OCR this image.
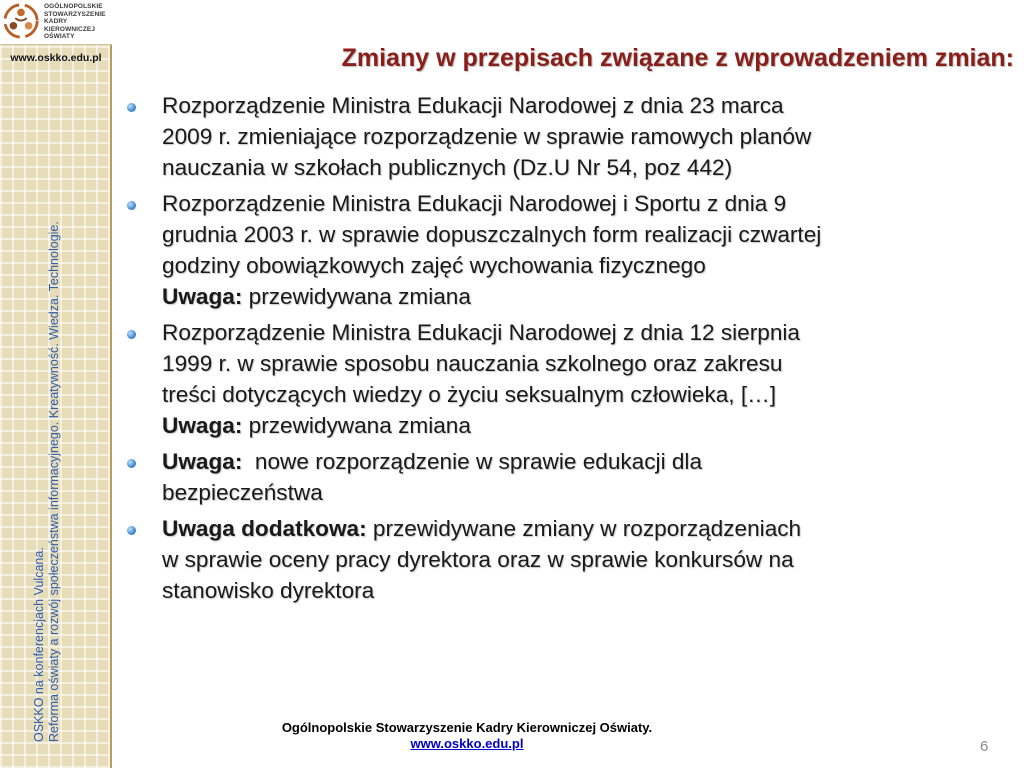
OGÓLNOPOLSKIE
STOWARZYSZENIE
KADRY
KIEROWNICZEJ
OŚWIATY
www.oskko.edu.pl
OSKKO na konferencjach Vulcana. Reforma oświaty a rozwój społeczeństwa informacyjnego. Kreatywność. Wiedza. Technologie.
Zmiany w przepisach związane z wprowadzeniem zmian:
Rozporządzenie Ministra Edukacji Narodowej z dnia 23 marca
2009 r. zmieniające rozporządzenie w sprawie ramowych planów
nauczania w szkołach publicznych (Dz.U Nr 54, poz 442)
Rozporządzenie Ministra Edukacji Narodowej i Sportu z dnia 9
grudnia 2003 r. w sprawie dopuszczalnych form realizacji czwartej
godziny obowiązkowych zajęć wychowania fizycznego
Uwaga: przewidywana zmiana
Rozporządzenie Ministra Edukacji Narodowej z dnia 12 sierpnia
1999 r. w sprawie sposobu nauczania szkolnego oraz zakresu
treści dotyczących wiedzy o życiu seksualnym człowieka, […]
Uwaga: przewidywana zmiana
Uwaga:  nowe rozporządzenie w sprawie edukacji dla
bezpieczeństwa
Uwaga dodatkowa: przewidywane zmiany w rozporządzeniach
w sprawie oceny pracy dyrektora oraz w sprawie konkursów na
stanowisko dyrektora
Ogólnopolskie Stowarzyszenie Kadry Kierowniczej Oświaty.
www.oskko.edu.pl	6
